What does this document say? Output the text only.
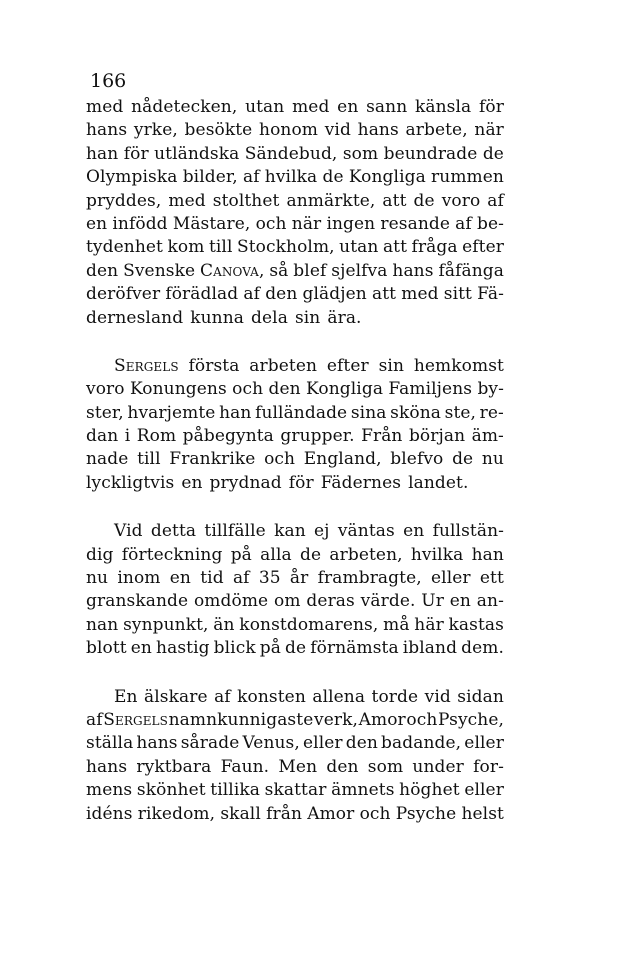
166
med nådetecken, utan med en sann känsla för
hans yrke, besökte honom vid hans arbete, när
han för utländska Sändebud, som beundrade de
Olympiska bilder, af hvilka de Kongliga rummen
pryddes, med stolthet anmärkte, att de voro af
en infödd Mästare, och när ingen resande af be-
tydenhet kom till Stockholm, utan att fråga efter
den Svenske Canova, så blef sjelfva hans fåfänga
deröfver förädlad af den glädjen att med sitt Fä-
dernesland kunna dela sin ära.
Sergels första arbeten efter sin hemkomst
voro Konungens och den Kongliga Familjens by-
ster, hvarjemte han fulländade sina sköna ste, re-
dan i Rom påbegynta grupper. Från början äm-
nade till Frankrike och England, blefvo de nu
lyckligtvis en prydnad för Fädernes landet.
Vid detta tillfälle kan ej väntas en fullstän-
dig förteckning på alla de arbeten, hvilka han
nu inom en tid af 35 år frambragte, eller ett
granskande omdöme om deras värde. Ur en an-
nan synpunkt, än konstdomarens, må här kastas
blott en hastig blick på de förnämsta ibland dem.
En älskare af konsten allena torde vid sidan
af Sergels namnkunnigaste verk, Amor och Psyche,
ställa hans sårade Venus, eller den badande, eller
hans ryktbara Faun. Men den som under for-
mens skönhet tillika skattar ämnets höghet eller
idéns rikedom, skall från Amor och Psyche helst
